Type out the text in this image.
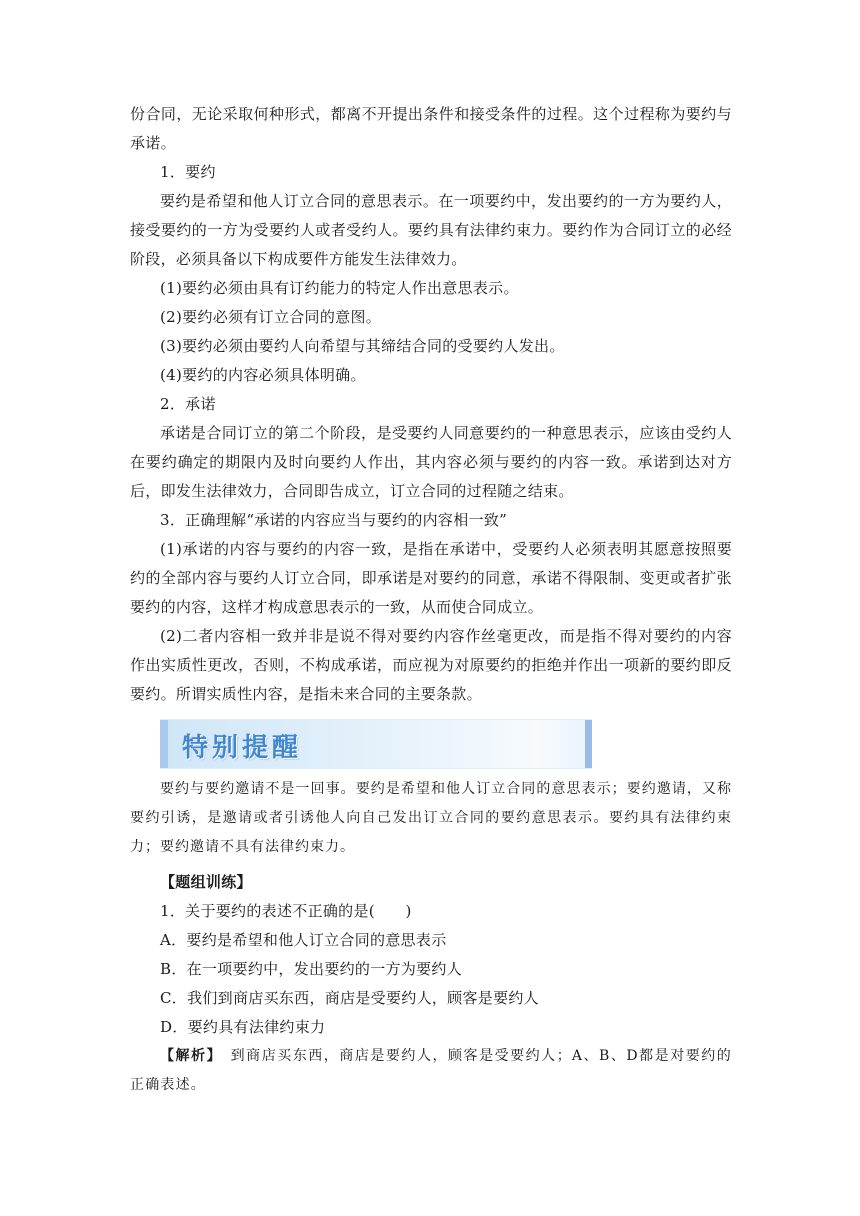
份合同，无论采取何种形式，都离不开提出条件和接受条件的过程。这个过程称为要约与承诺。

1．要约

要约是希望和他人订立合同的意思表示。在一项要约中，发出要约的一方为要约人，接受要约的一方为受要约人或者受约人。要约具有法律约束力。要约作为合同订立的必经阶段，必须具备以下构成要件方能发生法律效力。

(1)要约必须由具有订约能力的特定人作出意思表示。

(2)要约必须有订立合同的意图。

(3)要约必须由要约人向希望与其缔结合同的受要约人发出。

(4)要约的内容必须具体明确。

2．承诺

承诺是合同订立的第二个阶段，是受要约人同意要约的一种意思表示，应该由受约人在要约确定的期限内及时向要约人作出，其内容必须与要约的内容一致。承诺到达对方后，即发生法律效力，合同即告成立，订立合同的过程随之结束。

3．正确理解“承诺的内容应当与要约的内容相一致”

(1)承诺的内容与要约的内容一致，是指在承诺中，受要约人必须表明其愿意按照要约的全部内容与要约人订立合同，即承诺是对要约的同意，承诺不得限制、变更或者扩张要约的内容，这样才构成意思表示的一致，从而使合同成立。

(2)二者内容相一致并非是说不得对要约内容作丝毫更改，而是指不得对要约的内容作出实质性更改，否则，不构成承诺，而应视为对原要约的拒绝并作出一项新的要约即反要约。所谓实质性内容，是指未来合同的主要条款。

特别提醒

要约与要约邀请不是一回事。要约是希望和他人订立合同的意思表示；要约邀请，又称要约引诱，是邀请或者引诱他人向自己发出订立合同的要约意思表示。要约具有法律约束力；要约邀请不具有法律约束力。

【题组训练】

1．关于要约的表述不正确的是(　　)

A．要约是希望和他人订立合同的意思表示

B．在一项要约中，发出要约的一方为要约人

C．我们到商店买东西，商店是受要约人，顾客是要约人

D．要约具有法律约束力

【解析】　到商店买东西，商店是要约人，顾客是受要约人；A、B、D都是对要约的正确表述。
